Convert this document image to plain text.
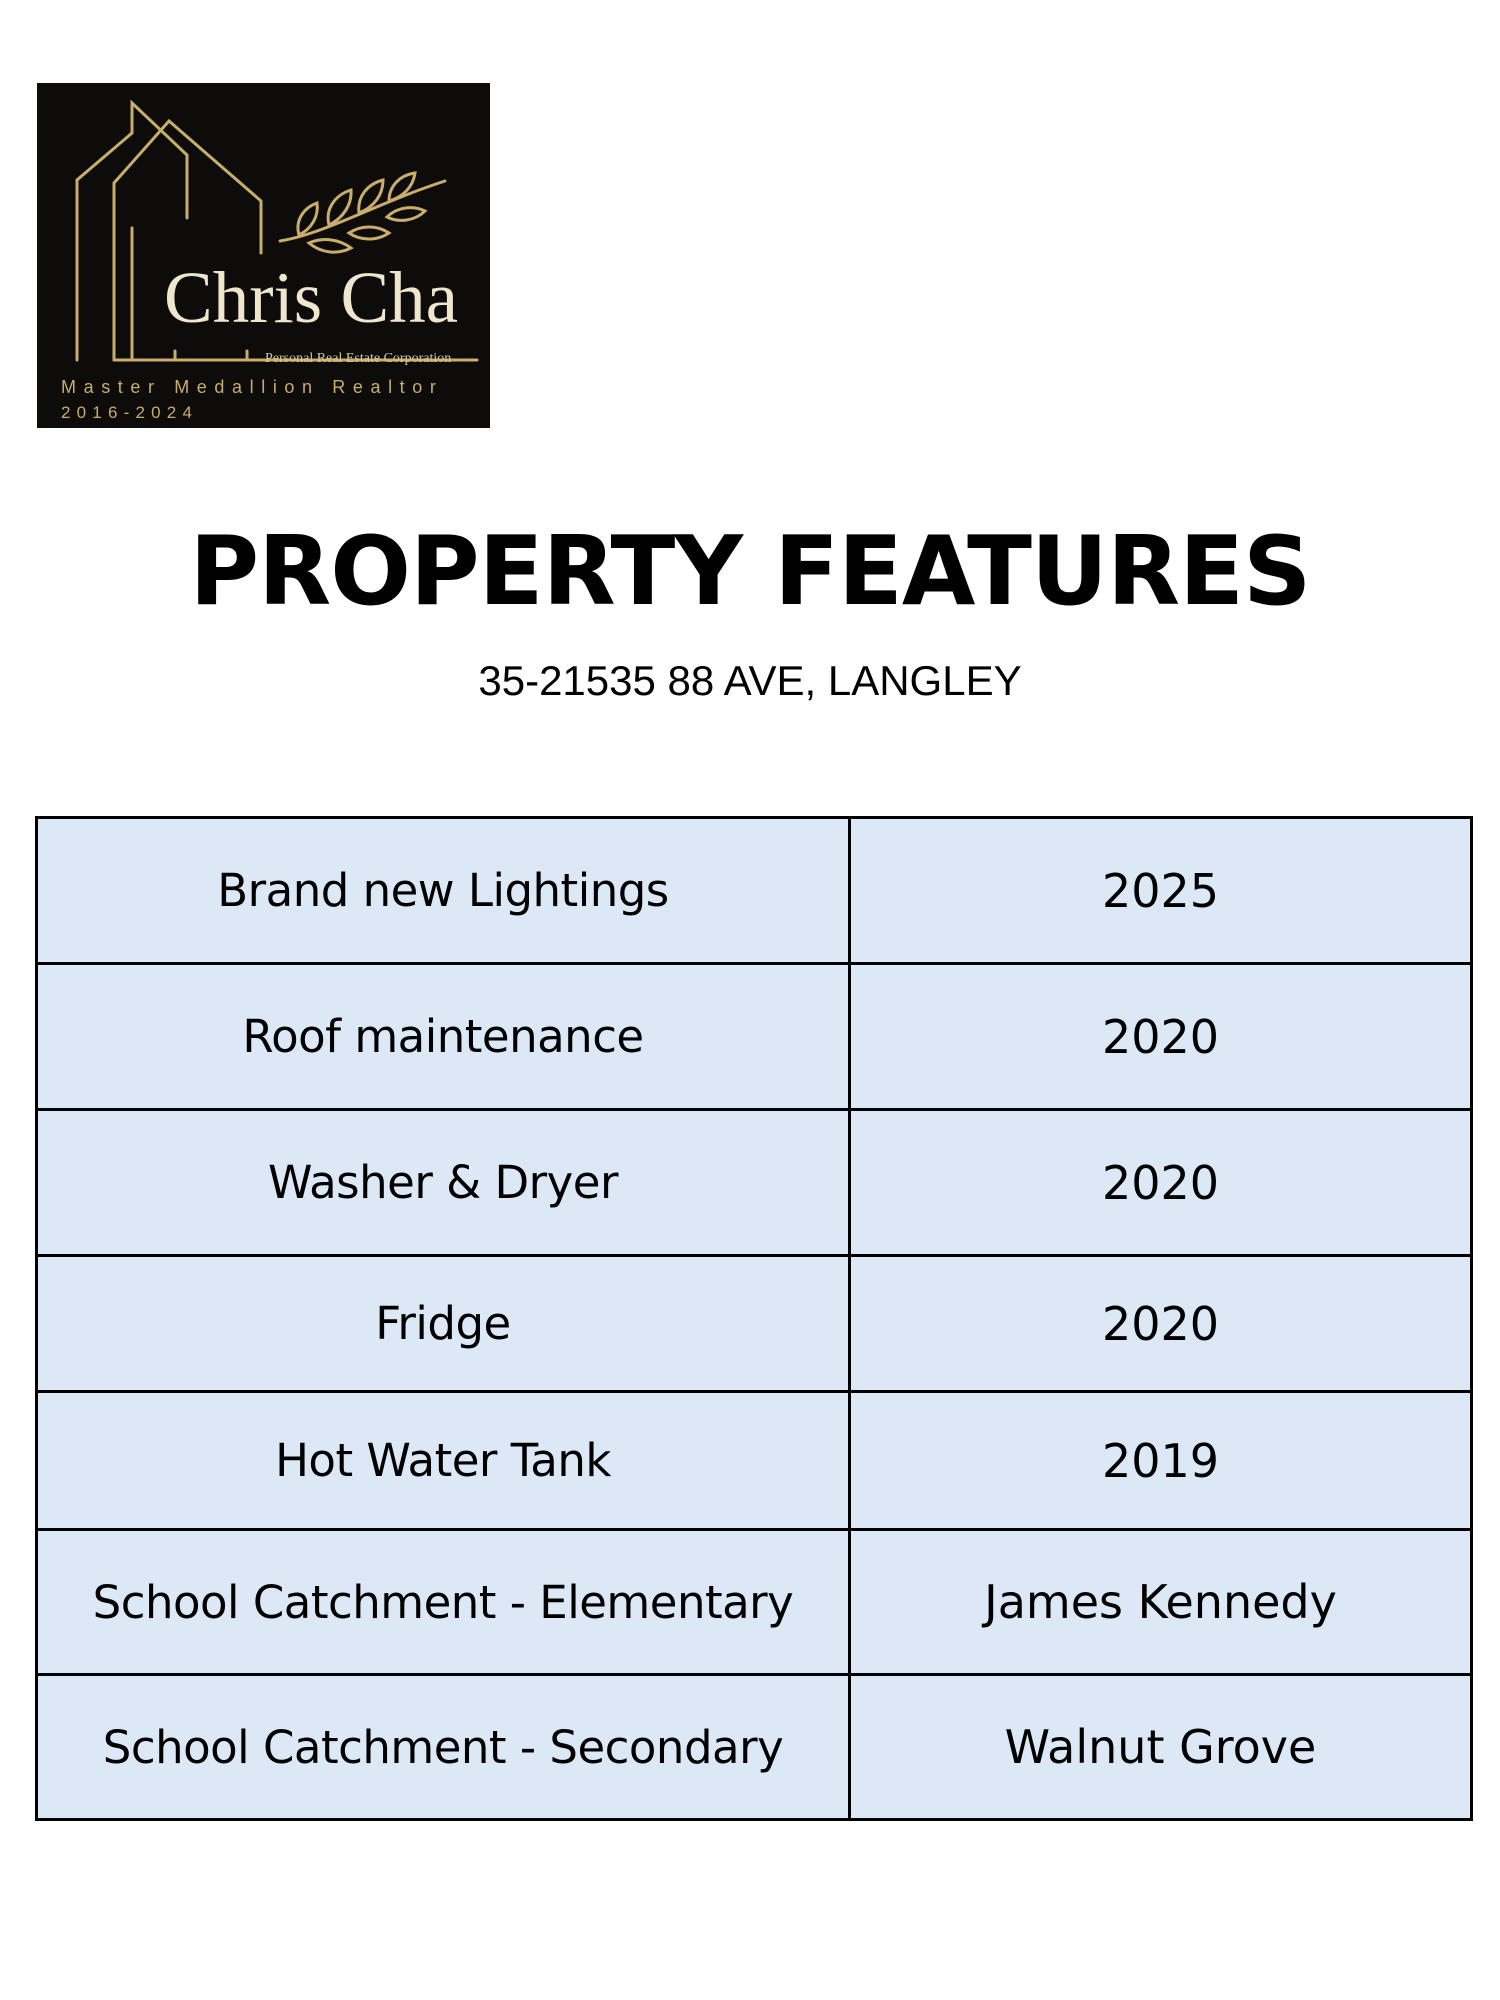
Chris Cha
Personal Real Estate Corporation
Master Medallion Realtor
2016-2024
PROPERTY FEATURES
35-21535 88 AVE, LANGLEY
Brand new Lightings	2025
Roof maintenance	2020
Washer & Dryer	2020
Fridge	2020
Hot Water Tank	2019
School Catchment - Elementary	James Kennedy
School Catchment - Secondary	Walnut Grove
